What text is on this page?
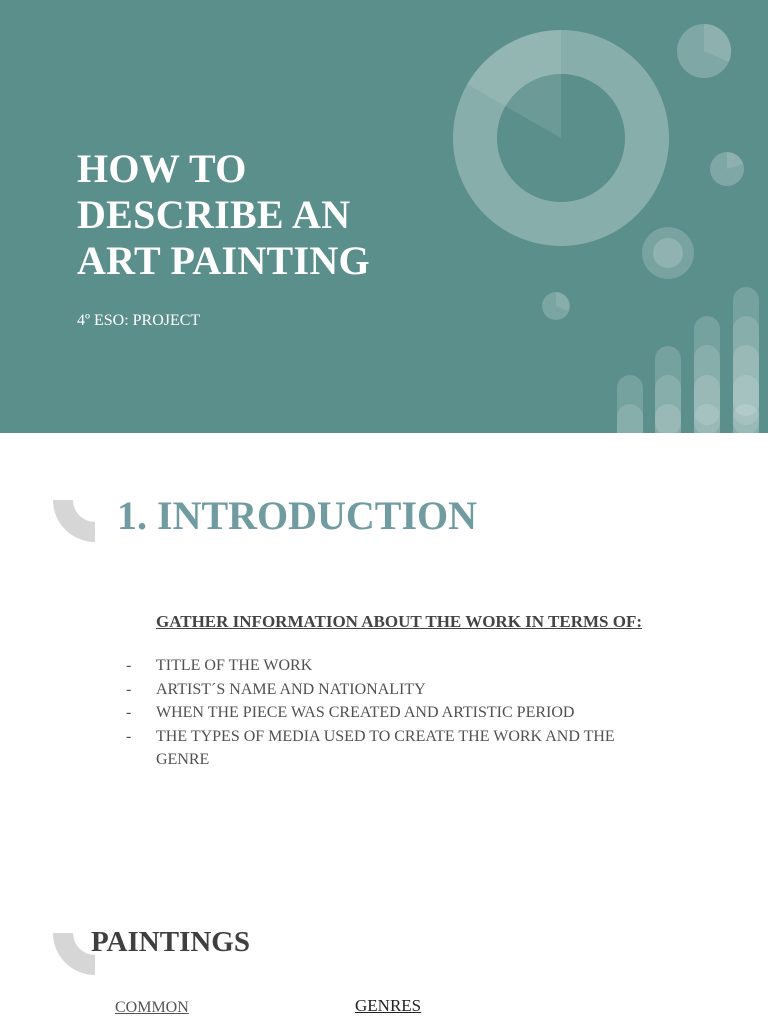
HOW TO
DESCRIBE AN
ART PAINTING

4º ESO: PROJECT

1. INTRODUCTION

GATHER INFORMATION ABOUT THE WORK IN TERMS OF:

- TITLE OF THE WORK
- ARTIST´S NAME AND NATIONALITY
- WHEN THE PIECE WAS CREATED AND ARTISTIC PERIOD
- THE TYPES OF MEDIA USED TO CREATE THE WORK AND THE GENRE
PAINTINGS

COMMON	GENRES
